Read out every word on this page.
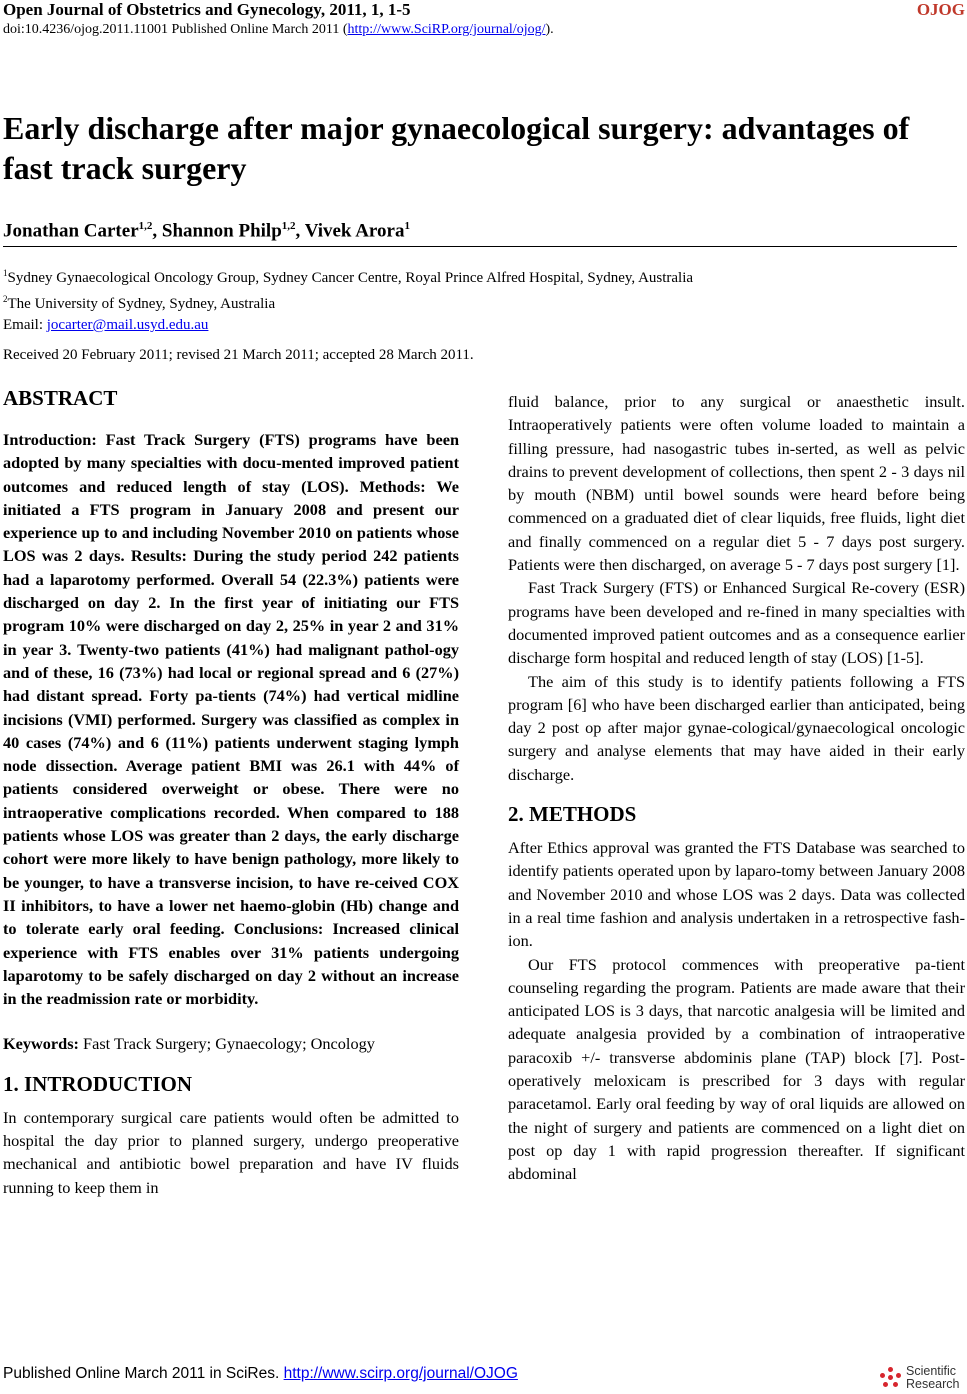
Open Journal of Obstetrics and Gynecology, 2011, 1, 1-5	OJOG
doi:10.4236/ojog.2011.11001 Published Online March 2011 (http://www.SciRP.org/journal/ojog/).
Early discharge after major gynaecological surgery: advantages of fast track surgery
Jonathan Carter$^{1,2}$, Shannon Philp$^{1,2}$, Vivek Arora$^1$
$^1$Sydney Gynaecological Oncology Group, Sydney Cancer Centre, Royal Prince Alfred Hospital, Sydney, Australia
$^2$The University of Sydney, Sydney, Australia
Email: jocarter@mail.usyd.edu.au
Received 20 February 2011; revised 21 March 2011; accepted 28 March 2011.
ABSTRACT

Introduction: Fast Track Surgery (FTS) programs have been adopted by many specialties with docu-mented improved patient outcomes and reduced length of stay (LOS). Methods: We initiated a FTS program in January 2008 and present our experience up to and including November 2010 on patients whose LOS was 2 days. Results: During the study period 242 patients had a laparotomy performed. Overall 54 (22.3%) patients were discharged on day 2. In the first year of initiating our FTS program 10% were discharged on day 2, 25% in year 2 and 31% in year 3. Twenty-two patients (41%) had malignant pathol-ogy and of these, 16 (73%) had local or regional spread and 6 (27%) had distant spread. Forty pa-tients (74%) had vertical midline incisions (VMI) performed. Surgery was classified as complex in 40 cases (74%) and 6 (11%) patients underwent staging lymph node dissection. Average patient BMI was 26.1 with 44% of patients considered overweight or obese. There were no intraoperative complications recorded. When compared to 188 patients whose LOS was greater than 2 days, the early discharge cohort were more likely to have benign pathology, more likely to be younger, to have a transverse incision, to have re-ceived COX II inhibitors, to have a lower net haemo-globin (Hb) change and to tolerate early oral feeding. Conclusions: Increased clinical experience with FTS enables over 31% patients undergoing laparotomy to be safely discharged on day 2 without an increase in the readmission rate or morbidity.

Keywords: Fast Track Surgery; Gynaecology; Oncology

1. INTRODUCTION

In contemporary surgical care patients would often be admitted to hospital the day prior to planned surgery, undergo preoperative mechanical and antibiotic bowel preparation and have IV fluids running to keep them in

fluid balance, prior to any surgical or anaesthetic insult. Intraoperatively patients were often volume loaded to maintain a filling pressure, had nasogastric tubes in-serted, as well as pelvic drains to prevent development of collections, then spent 2 - 3 days nil by mouth (NBM) until bowel sounds were heard before being commenced on a graduated diet of clear liquids, free fluids, light diet and finally commenced on a regular diet 5 - 7 days post surgery. Patients were then discharged, on average 5 - 7 days post surgery [1].

Fast Track Surgery (FTS) or Enhanced Surgical Re-covery (ESR) programs have been developed and re-fined in many specialties with documented improved patient outcomes and as a consequence earlier discharge form hospital and reduced length of stay (LOS) [1-5].

The aim of this study is to identify patients following a FTS program [6] who have been discharged earlier than anticipated, being day 2 post op after major gynae-cological/gynaecological oncologic surgery and analyse elements that may have aided in their early discharge.

2. METHODS

After Ethics approval was granted the FTS Database was searched to identify patients operated upon by laparo-tomy between January 2008 and November 2010 and whose LOS was 2 days. Data was collected in a real time fashion and analysis undertaken in a retrospective fash-ion.

Our FTS protocol commences with preoperative pa-tient counseling regarding the program. Patients are made aware that their anticipated LOS is 3 days, that narcotic analgesia will be limited and adequate analgesia provided by a combination of intraoperative paracoxib +/- transverse abdominis plane (TAP) block [7]. Post-operatively meloxicam is prescribed for 3 days with regular paracetamol. Early oral feeding by way of oral liquids are allowed on the night of surgery and patients are commenced on a light diet on post op day 1 with rapid progression thereafter. If significant abdominal

Published Online March 2011 in SciRes. http://www.scirp.org/journal/OJOG	Scientific
Research
